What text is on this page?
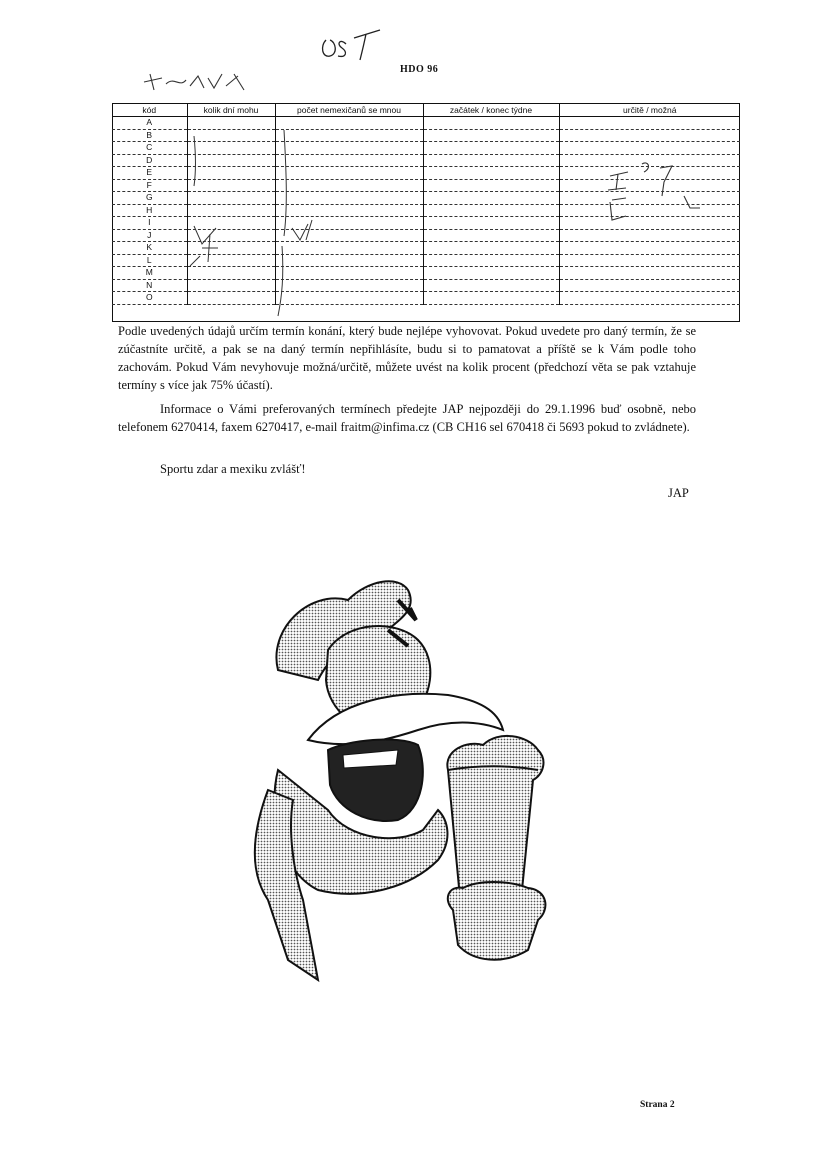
HDO 96
kód	kolik dní mohu	počet nemexičanů se mnou	začátek / konec týdne	určitě / možná
A				
B				
C				
D				
E				
F				
G				
H				
I				
J				
K				
L				
M				
N				
O				
Podle uvedených údajů určím termín konání, který bude nejlépe vyhovovat. Pokud uvedete pro daný termín, že se zúčastníte určitě, a pak se na daný termín nepřihlásíte, budu si to pamatovat a příště se k Vám podle toho zachovám. Pokud Vám nevyhovuje možná/určitě, můžete uvést na kolik procent (předchozí věta se pak vztahuje termíny s více jak 75% účastí).
Informace o Vámi preferovaných termínech předejte JAP nejpozději do 29.1.1996 buď osobně, nebo telefonem 6270414, faxem 6270417, e-mail fraitm@infima.cz (CB CH16 sel 670418 či 5693 pokud to zvládnete).
Sportu zdar a mexiku zvlášť!
JAP
Strana 2
